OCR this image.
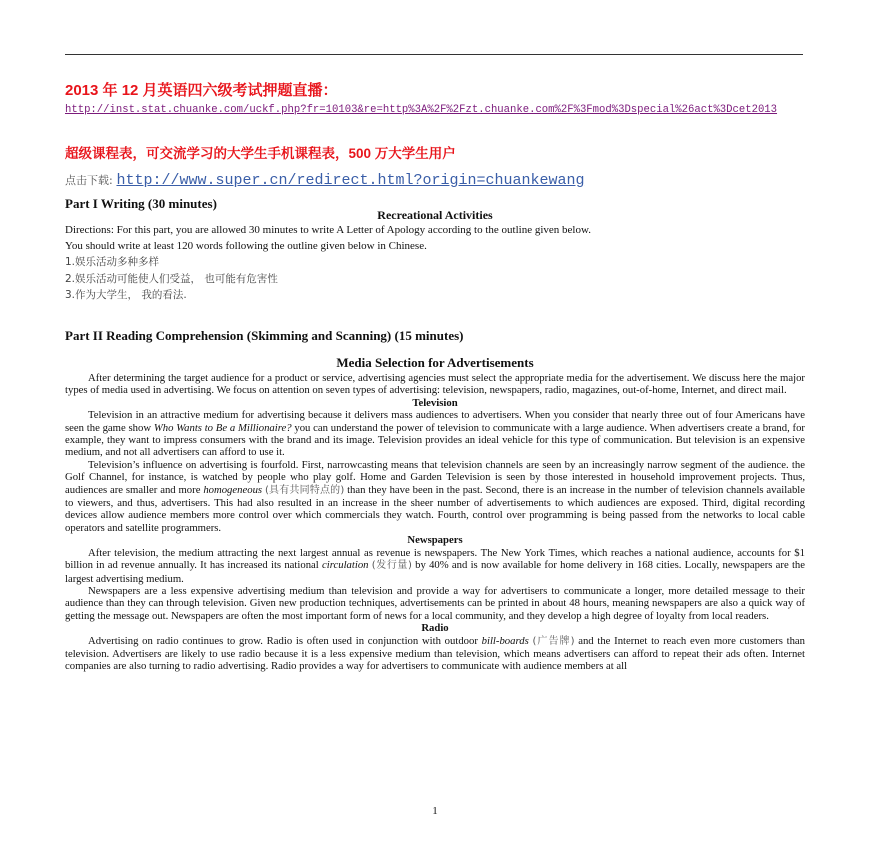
2013 年 12 月英语四六级考试押题直播：
http://inst.stat.chuanke.com/uckf.php?fr=10103&re=http%3A%2F%2Fzt.chuanke.com%2F%3Fmod%3Dspecial%26act%3Dcet2013
超级课程表，可交流学习的大学生手机课程表，500 万大学生用户
点击下载: http://www.super.cn/redirect.html?origin=chuankewang
Part I Writing (30 minutes)
Recreational Activities
Directions: For this part, you are allowed 30 minutes to write A Letter of Apology according to the outline given below.
You should write at least 120 words following the outline given below in Chinese.
1.娱乐活动多种多样
2.娱乐活动可能使人们受益， 也可能有危害性
3.作为大学生， 我的看法.
Part II Reading Comprehension (Skimming and Scanning) (15 minutes)
Media Selection for Advertisements

After determining the target audience for a product or service, advertising agencies must select the appropriate media for the advertisement. We discuss here the major types of media used in advertising. We focus on attention on seven types of advertising: television, newspapers, radio, magazines, out-of-home, Internet, and direct mail.

Television

Television in an attractive medium for advertising because it delivers mass audiences to advertisers. When you consider that nearly three out of four Americans have seen the game show Who Wants to Be a Millionaire? you can understand the power of television to communicate with a large audience. When advertisers create a brand, for example, they want to impress consumers with the brand and its image. Television provides an ideal vehicle for this type of communication. But television is an expensive medium, and not all advertisers can afford to use it.

Television’s influence on advertising is fourfold. First, narrowcasting means that television channels are seen by an increasingly narrow segment of the audience. the Golf Channel, for instance, is watched by people who play golf. Home and Garden Television is seen by those interested in household improvement projects. Thus, audiences are smaller and more homogeneous (具有共同特点的) than they have been in the past. Second, there is an increase in the number of television channels available to viewers, and thus, advertisers. This had also resulted in an increase in the sheer number of advertisements to which audiences are exposed. Third, digital recording devices allow audience members more control over which commercials they watch. Fourth, control over programming is being passed from the networks to local cable operators and satellite programmers.

Newspapers

After television, the medium attracting the next largest annual as revenue is newspapers. The New York Times, which reaches a national audience, accounts for $1 billion in ad revenue annually. It has increased its national circulation (发行量) by 40% and is now available for home delivery in 168 cities. Locally, newspapers are the largest advertising medium.

Newspapers are a less expensive advertising medium than television and provide a way for advertisers to communicate a longer, more detailed message to their audience than they can through television. Given new production techniques, advertisements can be printed in about 48 hours, meaning newspapers are also a quick way of getting the message out. Newspapers are often the most important form of news for a local community, and they develop a high degree of loyalty from local readers.

Radio

Advertising on radio continues to grow. Radio is often used in conjunction with outdoor bill-boards (广告牌) and the Internet to reach even more customers than television. Advertisers are likely to use radio because it is a less expensive medium than television, which means advertisers can afford to repeat their ads often. Internet companies are also turning to radio advertising. Radio provides a way for advertisers to communicate with audience members at all

1
